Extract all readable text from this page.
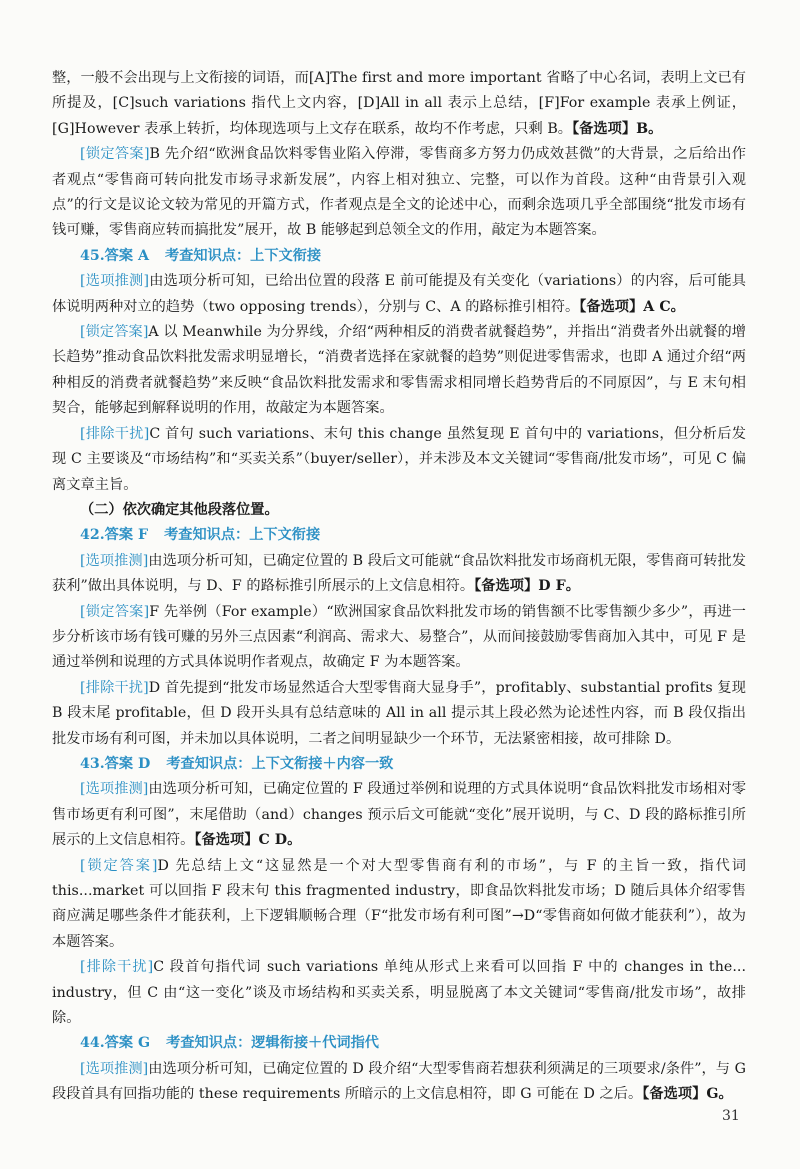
整，一般不会出现与上文衔接的词语，而[A]The first and more important 省略了中心名词，表明上文已有所提及，[C]such variations 指代上文内容，[D]All in all 表示上总结，[F]For example 表承上例证，[G]However 表承上转折，均体现选项与上文存在联系，故均不作考虑，只剩 B。【备选项】B。

[锁定答案]B 先介绍“欧洲食品饮料零售业陷入停滞，零售商多方努力仍成效甚微”的大背景，之后给出作者观点“零售商可转向批发市场寻求新发展”，内容上相对独立、完整，可以作为首段。这种“由背景引入观点”的行文是议论文较为常见的开篇方式，作者观点是全文的论述中心，而剩余选项几乎全部围绕“批发市场有钱可赚，零售商应转而搞批发”展开，故 B 能够起到总领全文的作用，敲定为本题答案。

45.答案 A 考查知识点：上下文衔接

[选项推测]由选项分析可知，已给出位置的段落 E 前可能提及有关变化（variations）的内容，后可能具体说明两种对立的趋势（two opposing trends），分别与 C、A 的路标推引相符。【备选项】A C。

[锁定答案]A 以 Meanwhile 为分界线，介绍“两种相反的消费者就餐趋势”，并指出“消费者外出就餐的增长趋势”推动食品饮料批发需求明显增长，“消费者选择在家就餐的趋势”则促进零售需求，也即 A 通过介绍“两种相反的消费者就餐趋势”来反映“食品饮料批发需求和零售需求相同增长趋势背后的不同原因”，与 E 末句相契合，能够起到解释说明的作用，故敲定为本题答案。

[排除干扰]C 首句 such variations、末句 this change 虽然复现 E 首句中的 variations，但分析后发现 C 主要谈及“市场结构”和“买卖关系”（buyer/seller），并未涉及本文关键词“零售商/批发市场”，可见 C 偏离文章主旨。

（二）依次确定其他段落位置。

42.答案 F 考查知识点：上下文衔接

[选项推测]由选项分析可知，已确定位置的 B 段后文可能就“食品饮料批发市场商机无限，零售商可转批发获利”做出具体说明，与 D、F 的路标推引所展示的上文信息相符。【备选项】D F。

[锁定答案]F 先举例（For example）“欧洲国家食品饮料批发市场的销售额不比零售额少多少”，再进一步分析该市场有钱可赚的另外三点因素“利润高、需求大、易整合”，从而间接鼓励零售商加入其中，可见 F 是通过举例和说理的方式具体说明作者观点，故确定 F 为本题答案。

[排除干扰]D 首先提到“批发市场显然适合大型零售商大显身手”，profitably、substantial profits 复现 B 段末尾 profitable，但 D 段开头具有总结意味的 All in all 提示其上段必然为论述性内容，而 B 段仅指出批发市场有利可图，并未加以具体说明，二者之间明显缺少一个环节，无法紧密相接，故可排除 D。

43.答案 D 考查知识点：上下文衔接＋内容一致

[选项推测]由选项分析可知，已确定位置的 F 段通过举例和说理的方式具体说明“食品饮料批发市场相对零售市场更有利可图”，末尾借助（and）changes 预示后文可能就“变化”展开说明，与 C、D 段的路标推引所展示的上文信息相符。【备选项】C D。

[锁定答案]D 先总结上文“这显然是一个对大型零售商有利的市场”，与 F 的主旨一致，指代词 this...market 可以回指 F 段末句 this fragmented industry，即食品饮料批发市场；D 随后具体介绍零售商应满足哪些条件才能获利，上下逻辑顺畅合理（F“批发市场有利可图”→D“零售商如何做才能获利”），故为本题答案。

[排除干扰]C 段首句指代词 such variations 单纯从形式上来看可以回指 F 中的 changes in the... industry，但 C 由“这一变化”谈及市场结构和买卖关系，明显脱离了本文关键词“零售商/批发市场”，故排除。

44.答案 G 考查知识点：逻辑衔接＋代词指代

[选项推测]由选项分析可知，已确定位置的 D 段介绍“大型零售商若想获利须满足的三项要求/条件”，与 G 段段首具有回指功能的 these requirements 所暗示的上文信息相符，即 G 可能在 D 之后。【备选项】G。

31
